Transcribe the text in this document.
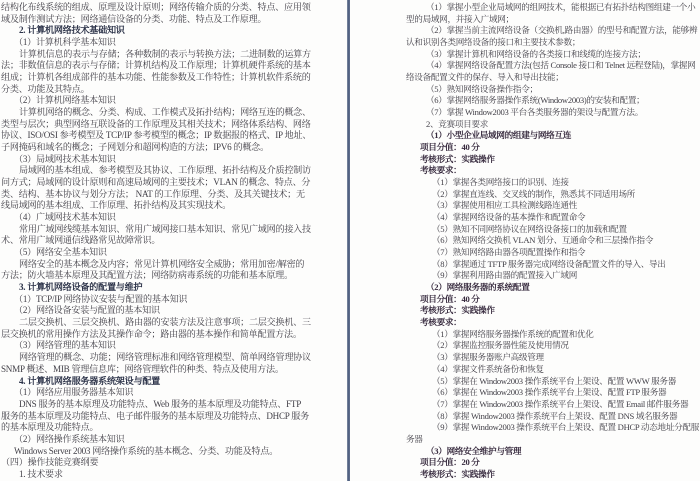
结构化布线系统的组成、原理及设计原则；网络传输介质的分类、特点、应用领
域及制作测试方法；网络通信设备的分类、功能、特点及工作原理。
2. 计算机网络技术基础知识
（1）计算机科学基本知识
计算机信息的表示与存储；各种数制的表示与转换方法；二进制数的运算方
法；非数值信息的表示与存储；计算机结构及工作原理；计算机硬件系统的基本
组成；计算机各组成部件的基本功能、性能参数及工作特性；计算机软件系统的
分类、功能及其特点。
（2）计算机网络基本知识
计算机网络的概念、分类、构成、工作模式及拓扑结构；网络互连的概念、
类型与层次；典型网络互联设备的工作原理及其相关技术；网络体系结构、网络
协议、ISO/OSI 参考模型及 TCP/IP 参考模型的概念；IP 数据报的格式、IP 地址、
子网掩码和域名的概念；子网划分和超网构造的方法；IPV6 的概念。
（3）局域网技术基本知识
局域网的基本组成、参考模型及其协议、工作原理、拓扑结构及介质控制访
问方式；局域网的设计原则和高速局域网的主要技术；VLAN 的概念、特点、分
类、结构、基本协议与划分方法； NAT 的工作原理、分类、及其关键技术；无
线局域网的基本组成、工作原理、拓扑结构及其实现技术。
（4）广域网技术基本知识
常用广域网线缆基本知识、常用广域网接口基本知识、常见广域网的接入技
术、常用广域网通信线路常见故障常识。
（5）网络安全基本知识
网络安全的基本概念及内容；常见计算机网络安全威胁；常用加密/解密的
方法；防火墙基本原理及其配置方法；网络防病毒系统的功能和基本原理。
3. 计算机网络设备的配置与维护
（1）TCP/IP 网络协议安装与配置的基本知识
（2）网络设备安装与配置的基本知识
二层交换机、三层交换机、路由器的安装方法及注意事项；二层交换机、三
层交换机的常用操作方法及其操作命令；路由器的基本操作和简单配置方法。
（3）网络管理的基本知识
网络管理的概念、功能；网络管理标准和网络管理模型、简单网络管理协议
SNMP 概述、MIB 管理信息库；网络管理软件的种类、特点及使用方法。
4. 计算机网络服务器系统架设与配置
（1）网络应用服务器基本知识
DNS 服务的基本原理及功能特点、Web 服务的基本原理及功能特点、FTP
服务的基本原理及功能特点、电子邮件服务的基本原理及功能特点、DHCP 服务
的基本原理及功能特点。
（2）网络操作系统基本知识
Windows Server 2003 网络操作系统的基本概念、分类、功能及特点。
（四）操作技能竞赛纲要
1. 技术要求
（1）掌握小型企业局域网的组网技术，能根据已有拓扑结构图组建一个小
型的局域网，并接入广域网；
（2）掌握当前主流网络设备（交换机,路由器）的型号和配置方法，能够辨
认和识别各类网络设备的接口和主要技术参数；
（3）掌握计算机和网络设备的各类接口和线缆的连接方法；
（4）掌握网络设备配置方法(包括 Console 接口和 Telnet 远程登陆)，掌握网
络设备配置文件的保存、导入和导出技能；
（5）熟知网络设备操作指令；
（6）掌握网络服务器操作系统(Window2003)的安装和配置；
（7）掌握 Window2003 平台各类服务器的架设与配置方法。
2、竞赛项目要求
（1）小型企业局域网的组建与网络互连
项目分值：40 分
考核形式：实践操作
考核要求：
（1）掌握各类网络接口的识别、连接
（2）掌握直连线、交叉线的制作，熟悉其不同适用场所
（3）掌握使用相应工具检测线路连通性
（4）掌握网络设备的基本操作和配置命令
（5）熟知不同网络协议在网络设备接口的加载和配置
（6）熟知网络交换机 VLAN 划分、互通命令和三层操作指令
（7）熟知网络路由器各项配置操作和指令
（8）掌握通过 TFTP 服务器完成网络设备配置文件的导入、导出
（9）掌握利用路由器的配置接入广域网
（2）网络服务器的系统配置
项目分值：40 分
考核形式：实践操作
考核要求：
（1）掌握网络服务器操作系统的配置和优化
（2）掌握监控服务器性能及使用情况
（3）掌握服务器账户高级管理
（4）掌握文件系统备份和恢复
（5）掌握在 Window2003 操作系统平台上架设、配置 WWW 服务器
（6）掌握在 Window2003 操作系统平台上架设、配置 FTP 服务器
（7）掌握在 Window2003 操作系统平台上架设、配置 Email 邮件服务器
（8）掌握 Window2003 操作系统平台上架设、配置 DNS 域名服务器
（9）掌握 Window2003 操作系统平台上架设、配置 DHCP 动态地址分配服
务器
（3）网络安全维护与管理
项目分值：20 分
考核形式：实践操作
